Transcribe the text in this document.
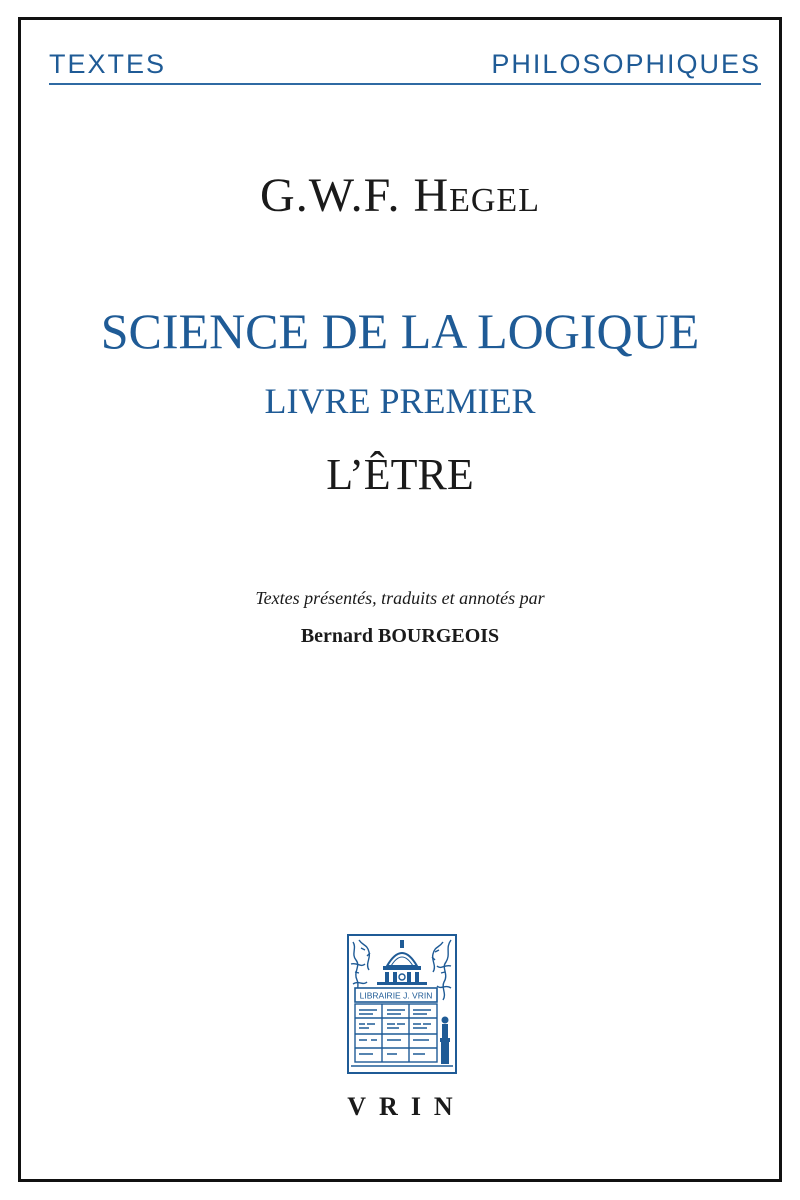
TEXTES PHILOSOPHIQUES
G.W.F. Hegel
SCIENCE DE LA LOGIQUE
LIVRE PREMIER
L’ÊTRE
Textes présentés, traduits et annotés par
Bernard BOURGEOIS
LIBRAIRIE J. VRIN
VRIN
